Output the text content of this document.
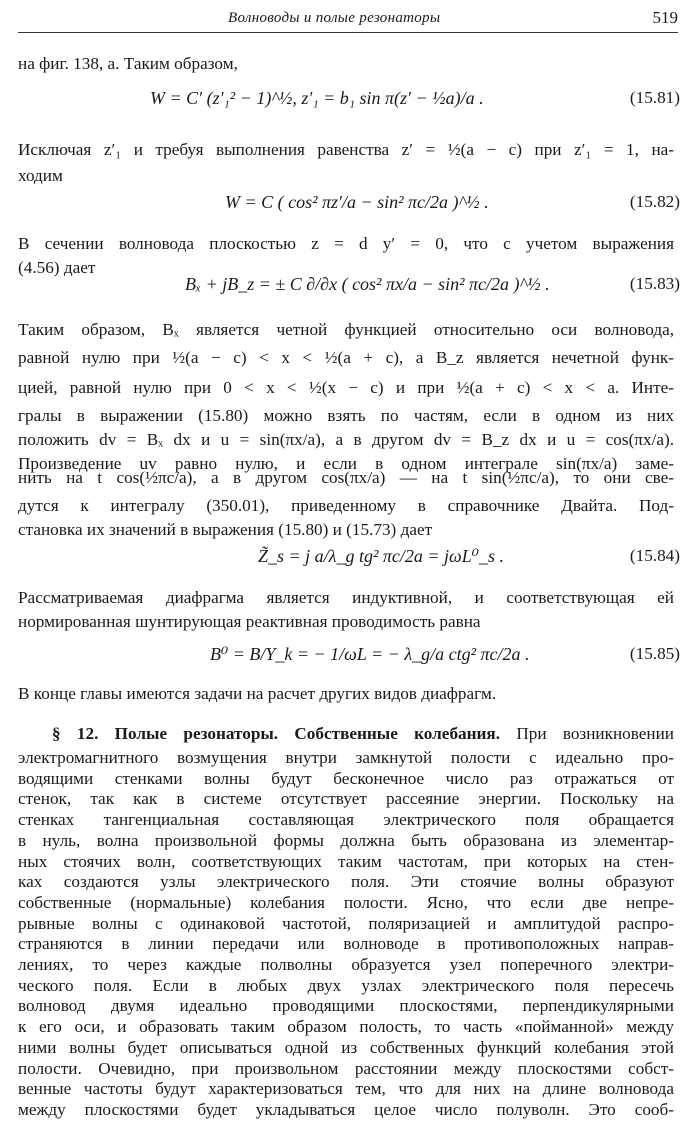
Волноводы и полые резонаторы	519
на фиг. 138, а. Таким образом,
W = C′ (z′₁² − 1)^½, z′₁ = b₁ sin π(z′ − ½a)/a .	(15.81)
Исключая z′₁ и требуя выполнения равенства z′ = ½(a − c) при z′₁ = 1, на-
ходим
W = C ( cos² πz′/a − sin² πc/2a )^½ .	(15.82)
В сечении волновода плоскостью z = d y′ = 0, что с учетом выражения
(4.56) дает
Bₓ + jB_z = ± C ∂/∂x ( cos² πx/a − sin² πc/2a )^½ .	(15.83)
Таким образом, Bₓ является четной функцией относительно оси волновода,
равной нулю при ½(a − c) < x < ½(a + c), а B_z является нечетной функ-
цией, равной нулю при 0 < x < ½(x − c) и при ½(a + c) < x < a. Инте-
гралы в выражении (15.80) можно взять по частям, если в одном из них
положить dv = Bₓ dx и u = sin(πx/a), а в другом dv = B_z dx и u = cos(πx/a).
Произведение uv равно нулю, и если в одном интеграле sin(πx/a) заме-
нить на t cos(½πc/a), а в другом cos(πx/a) — на t sin(½πc/a), то они све-
дутся к интегралу (350.01), приведенному в справочнике Двайта. Под-
становка их значений в выражения (15.80) и (15.73) дает
Z̃_s = j a/λ_g tg² πc/2a = jωL⁰_s .	(15.84)
Рассматриваемая диафрагма является индуктивной, и соответствующая ей
нормированная шунтирующая реактивная проводимость равна
B⁰ = B/Y_k = − 1/ωL = − λ_g/a ctg² πc/2a .	(15.85)
В конце главы имеются задачи на расчет других видов диафрагм.
§ 12. Полые резонаторы. Собственные колебания. При возникновении
электромагнитного возмущения внутри замкнутой полости с идеально про-
водящими стенками волны будут бесконечное число раз отражаться от
стенок, так как в системе отсутствует рассеяние энергии. Поскольку на
стенках тангенциальная составляющая электрического поля обращается
в нуль, волна произвольной формы должна быть образована из элементар-
ных стоячих волн, соответствующих таким частотам, при которых на стен-
ках создаются узлы электрического поля. Эти стоячие волны образуют
собственные (нормальные) колебания полости. Ясно, что если две непре-
рывные волны с одинаковой частотой, поляризацией и амплитудой распро-
страняются в линии передачи или волноводе в противоположных направ-
лениях, то через каждые полволны образуется узел поперечного электри-
ческого поля. Если в любых двух узлах электрического поля пересечь
волновод двумя идеально проводящими плоскостями, перпендикулярными
к его оси, и образовать таким образом полость, то часть «пойманной» между
ними волны будет описываться одной из собственных функций колебания этой
полости. Очевидно, при произвольном расстоянии между плоскостями собст-
венные частоты будут характеризоваться тем, что для них на длине волновода
между плоскостями будет укладываться целое число полуволн. Это сооб-
